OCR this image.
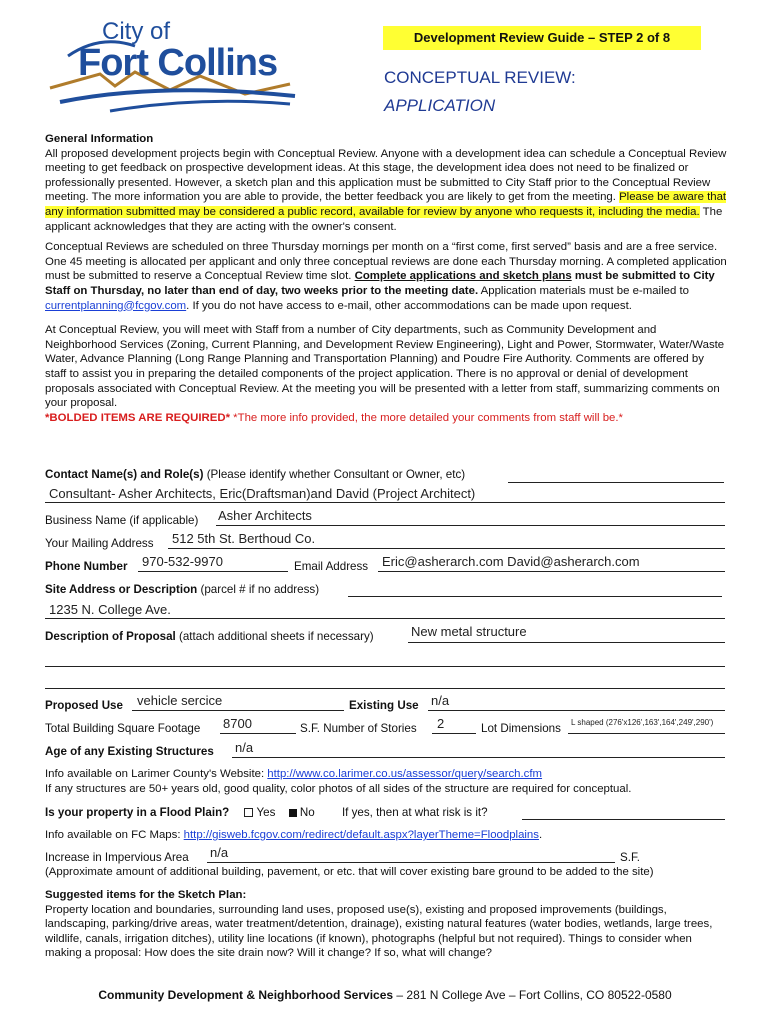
City of
Fort Collins
Development Review Guide – STEP 2 of 8
CONCEPTUAL REVIEW:
APPLICATION

General Information

All proposed development projects begin with Conceptual Review. Anyone with a development idea can schedule a Conceptual Review meeting to get feedback on prospective development ideas. At this stage, the development idea does not need to be finalized or professionally presented. However, a sketch plan and this application must be submitted to City Staff prior to the Conceptual Review meeting. The more information you are able to provide, the better feedback you are likely to get from the meeting. Please be aware that any information submitted may be considered a public record, available for review by anyone who requests it, including the media. The applicant acknowledges that they are acting with the owner's consent.

Conceptual Reviews are scheduled on three Thursday mornings per month on a “first come, first served” basis and are a free service. One 45 meeting is allocated per applicant and only three conceptual reviews are done each Thursday morning. A completed application must be submitted to reserve a Conceptual Review time slot. Complete applications and sketch plans must be submitted to City Staff on Thursday, no later than end of day, two weeks prior to the meeting date. Application materials must be e-mailed to currentplanning@fcgov.com. If you do not have access to e-mail, other accommodations can be made upon request.

At Conceptual Review, you will meet with Staff from a number of City departments, such as Community Development and Neighborhood Services (Zoning, Current Planning, and Development Review Engineering), Light and Power, Stormwater, Water/Waste Water, Advance Planning (Long Range Planning and Transportation Planning) and Poudre Fire Authority. Comments are offered by staff to assist you in preparing the detailed components of the project application. There is no approval or denial of development proposals associated with Conceptual Review. At the meeting you will be presented with a letter from staff, summarizing comments on your proposal.

*BOLDED ITEMS ARE REQUIRED* *The more info provided, the more detailed your comments from staff will be.*

Contact Name(s) and Role(s) (Please identify whether Consultant or Owner, etc)
Consultant- Asher Architects, Eric(Draftsman)and David (Project Architect)
Business Name (if applicable) Asher Architects
Your Mailing Address 512 5th St. Berthoud Co.
Phone Number 970-532-9970	Email Address Eric@asherarch.com David@asherarch.com
Site Address or Description (parcel # if no address)
1235 N. College Ave.
Description of Proposal (attach additional sheets if necessary)	New metal structure
Proposed Use vehicle sercice	Existing Use n/a
Total Building Square Footage 8700	S.F. Number of Stories 2	Lot Dimensions L shaped (276'x126',163',164',249',290')
Age of any Existing Structures n/a

Info available on Larimer County's Website: http://www.co.larimer.co.us/assessor/query/search.cfm

If any structures are 50+ years old, good quality, color photos of all sides of the structure are required for conceptual.

Is your property in a Flood Plain? Yes No If yes, then at what risk is it?
Info available on FC Maps: http://gisweb.fcgov.com/redirect/default.aspx?layerTheme=Floodplains.
Increase in Impervious Area n/a	S.F.
(Approximate amount of additional building, pavement, or etc. that will cover existing bare ground to be added to the site)

Suggested items for the Sketch Plan:

Property location and boundaries, surrounding land uses, proposed use(s), existing and proposed improvements (buildings, landscaping, parking/drive areas, water treatment/detention, drainage), existing natural features (water bodies, wetlands, large trees, wildlife, canals, irrigation ditches), utility line locations (if known), photographs (helpful but not required). Things to consider when making a proposal: How does the site drain now? Will it change? If so, what will change?

Community Development & Neighborhood Services – 281 N College Ave – Fort Collins, CO 80522-0580
